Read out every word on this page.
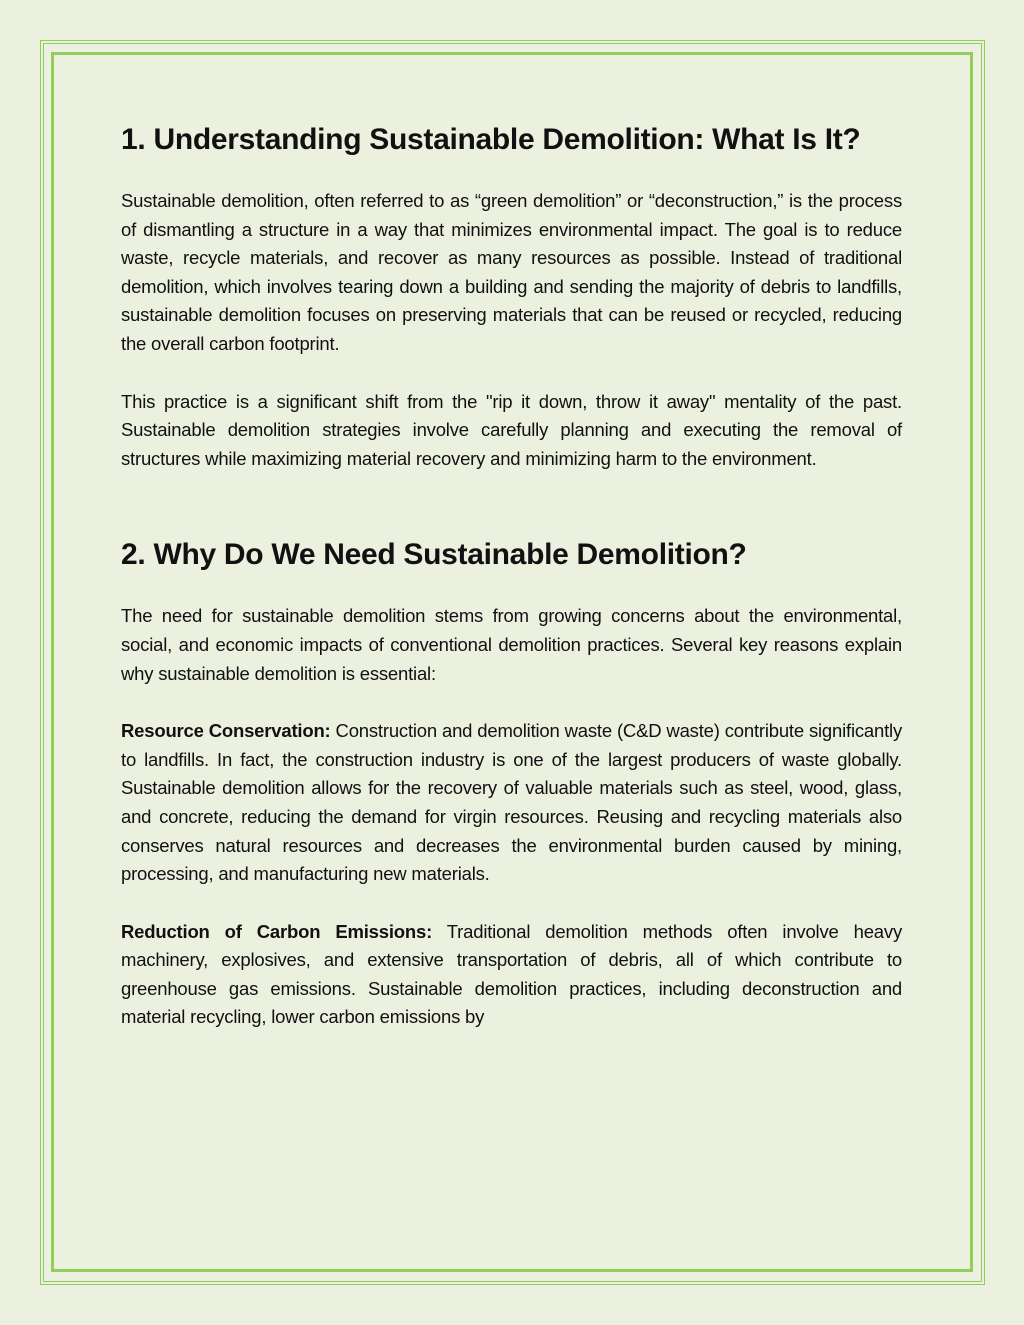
1. Understanding Sustainable Demolition: What Is It?

Sustainable demolition, often referred to as “green demolition” or “deconstruction,” is the process of dismantling a structure in a way that minimizes environmental impact. The goal is to reduce waste, recycle materials, and recover as many resources as possible. Instead of traditional demolition, which involves tearing down a building and sending the majority of debris to landfills, sustainable demolition focuses on preserving materials that can be reused or recycled, reducing the overall carbon footprint.

This practice is a significant shift from the "rip it down, throw it away" mentality of the past. Sustainable demolition strategies involve carefully planning and executing the removal of structures while maximizing material recovery and minimizing harm to the environment.

2. Why Do We Need Sustainable Demolition?

The need for sustainable demolition stems from growing concerns about the environmental, social, and economic impacts of conventional demolition practices. Several key reasons explain why sustainable demolition is essential:

Resource Conservation: Construction and demolition waste (C&D waste) contribute significantly to landfills. In fact, the construction industry is one of the largest producers of waste globally. Sustainable demolition allows for the recovery of valuable materials such as steel, wood, glass, and concrete, reducing the demand for virgin resources. Reusing and recycling materials also conserves natural resources and decreases the environmental burden caused by mining, processing, and manufacturing new materials.

Reduction of Carbon Emissions: Traditional demolition methods often involve heavy machinery, explosives, and extensive transportation of debris, all of which contribute to greenhouse gas emissions. Sustainable demolition practices, including deconstruction and material recycling, lower carbon emissions by
